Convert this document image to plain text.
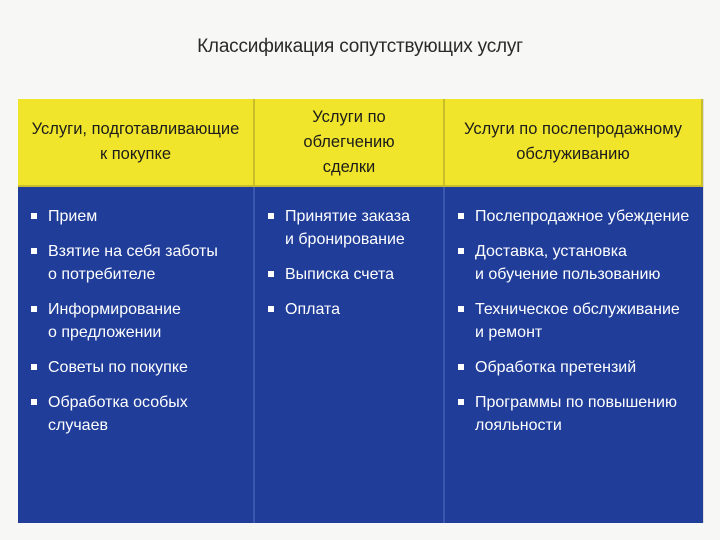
Классификация сопутствующих услуг
Услуги, подготавливающие
к покупке
Услуги по облегчению
сделки
Услуги по послепродажному
обслуживанию
Прием
Взятие на себя заботы
о потребителе
Информирование
о предложении
Советы по покупке
Обработка особых случаев
Принятие заказа
и бронирование
Выписка счета
Оплата
Послепродажное убеждение
Доставка, установка
и обучение пользованию
Техническое обслуживание
и ремонт
Обработка претензий
Программы по повышению
лояльности
